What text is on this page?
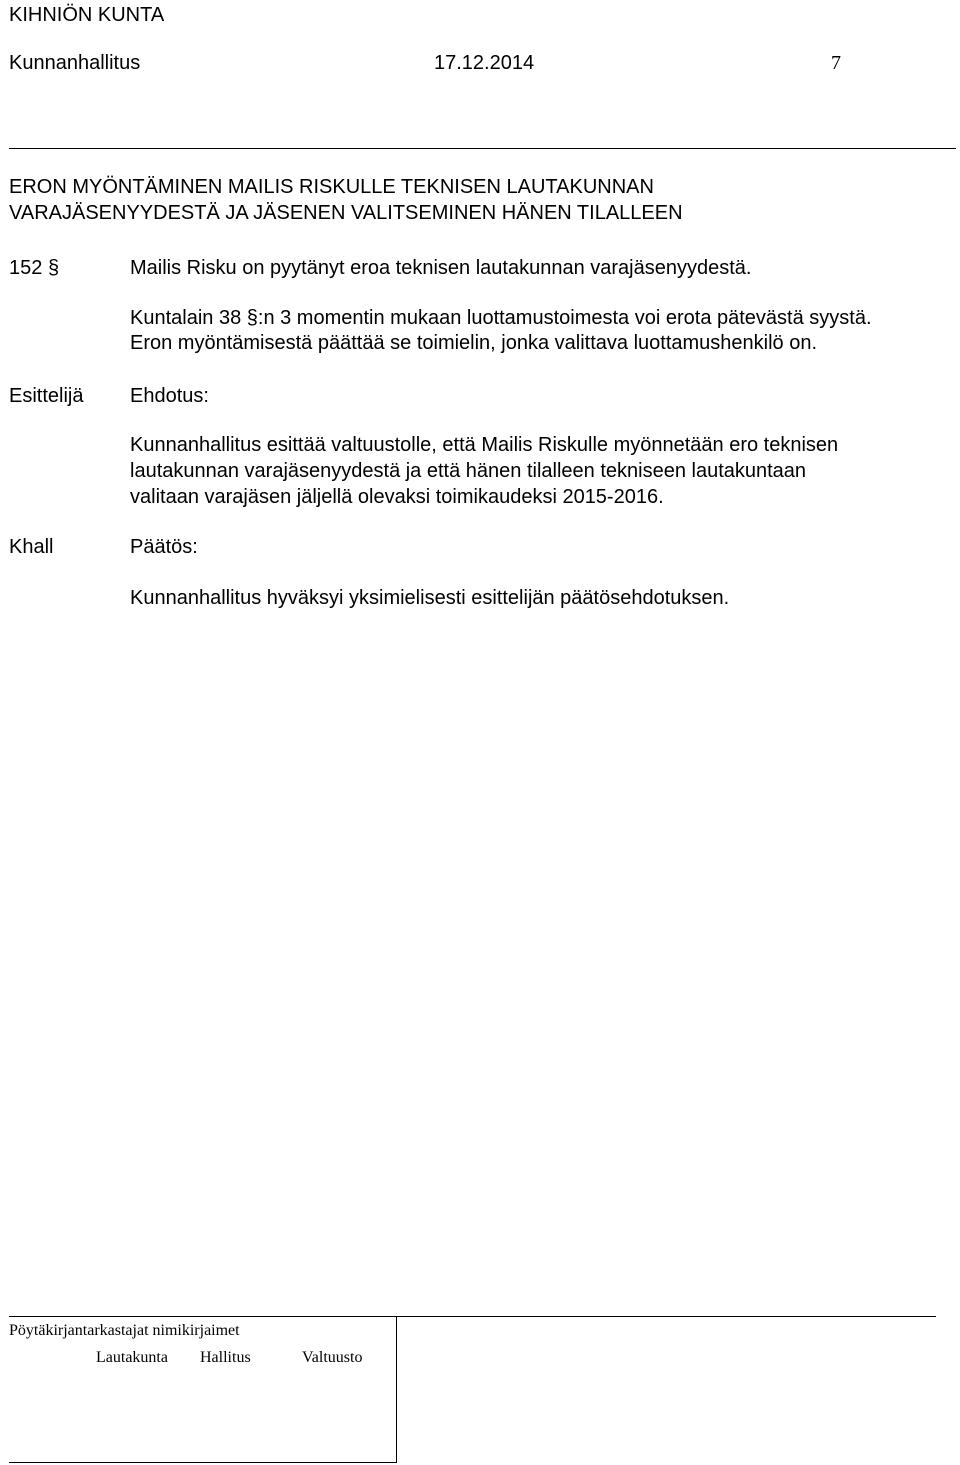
KIHNIÖN KUNTA
Kunnanhallitus	17.12.2014	7
ERON MYÖNTÄMINEN MAILIS RISKULLE TEKNISEN LAUTAKUNNAN
VARAJÄSENYYDESTÄ JA JÄSENEN VALITSEMINEN HÄNEN TILALLEEN
152 §	Mailis Risku on pyytänyt eroa teknisen lautakunnan varajäsenyydestä.
Kuntalain 38 §:n 3 momentin mukaan luottamustoimesta voi erota pätevästä syystä.
Eron myöntämisestä päättää se toimielin, jonka valittava luottamushenkilö on.
Esittelijä Ehdotus:
Kunnanhallitus esittää valtuustolle, että Mailis Riskulle myönnetään ero teknisen
lautakunnan varajäsenyydestä ja että hänen tilalleen tekniseen lautakuntaan
valitaan varajäsen jäljellä olevaksi toimikaudeksi 2015-2016.
Khall	Päätös:
Kunnanhallitus hyväksyi yksimielisesti esittelijän päätösehdotuksen.
Pöytäkirjantarkastajat nimikirjaimet
Lautakunta Hallitus	Valtuusto
